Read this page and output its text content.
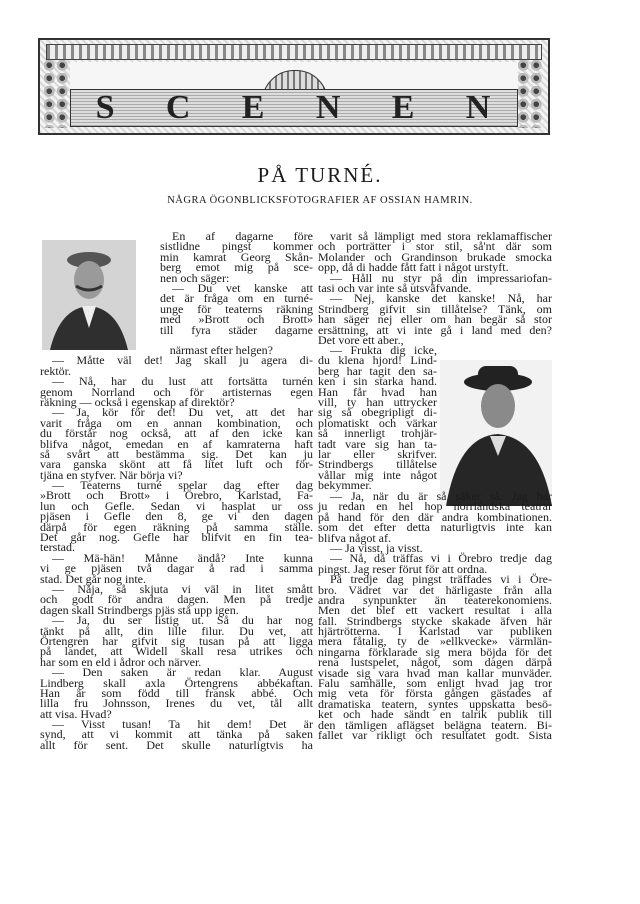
S C E N E N
PÅ TURNÉ.
NÅGRA ÖGONBLICKSFOTOGRAFIER AF OSSIAN HAMRIN.
En af dagarne före
sistlidne pingst kommer
min kamrat Georg Skån-
berg emot mig på sce-
nen och säger:
— Du vet kanske att
det är fråga om en turné-
unge för teaterns räkning
med »Brott och Brott»
till fyra städer dagarne
närmast efter helgen?
— Måtte väl det! Jag skall ju agera di-
rektör.
— Nå, har du lust att fortsätta turnén
genom Norrland och för artisternas egen
räkning — också i egenskap af direktör?
— Ja, kör för det! Du vet, att det har
varit fråga om en annan kombination, och
du förstår nog också, att af den icke kan
blifva något, emedan en af kamraterna haft
så svårt att bestämma sig. Det kan ju
vara ganska skönt att få litet luft och för-
tjäna en styfver. När börja vi?
— Teaterns turné spelar dag efter dag
»Brott och Brott» i Örebro, Karlstad, Fa-
lun och Gefle. Sedan vi hasplat ur oss
pjäsen i Gefle den 8, ge vi den dagen
därpå för egen räkning på samma ställe.
Det går nog. Gefle har blifvit en fin tea-
terstad.
— Mä-hän! Månne ändå? Inte kunna
vi ge pjäsen två dagar å rad i samma
stad. Det går nog inte.
— Nåja, så skjuta vi väl in litet smått
och godt för andra dagen. Men på tredje
dagen skall Strindbergs pjäs stå upp igen.
— Ja, du ser listig ut. Så du har nog
tänkt på allt, din lille filur. Du vet, att
Örtengren har gifvit sig tusan på att ligga
på landet, att Widell skall resa utrikes och
har som en eld i ådror och närver.
— Den saken är redan klar. August
Lindberg skall axla Örtengrens abbékaftan.
Han är som född till fransk abbé. Och
lilla fru Johnsson, Irenes du vet, tål allt
att visa. Hvad?
— Visst tusan! Ta hit dem! Det är
synd, att vi kommit att tänka på saken
allt för sent. Det skulle naturligtvis ha
varit så lämpligt med stora reklamaffischer
och porträtter i stor stil, så'nt där som
Molander och Grandinson brukade smocka
opp, då di hadde fått fatt i något urstyft.
— Håll nu styr på din impressariofan-
tasi och var inte så utsväfvande.
— Nej, kanske det kanske! Nå, har
Strindberg gifvit sin tillåtelse? Tänk, om
han säger nej eller om han begär så stor
ersättning, att vi inte gå i land med den?
Det vore ett aber.,
— Frukta dig icke,
du klena hjord! Lind-
berg har tagit den sa-
ken i sin starka hand.
Han får hvad han
vill, ty han uttrycker
sig så obegripligt di-
plomatiskt och värkar
så innerligt trohjär-
tadt vare sig han ta-
lar eller skrifver.
Strindbergs tillåtelse
vållar mig inte något
bekymmer.
— Ja, när du är så säker så. Jag har
ju redan en hel hop norrländska teatrar
på hand för den där andra kombinationen.
som det efter detta naturligtvis inte kan
blifva något af.
— Ja visst, ja visst.
— Nå, då träffas vi i Örebro tredje dag
pingst. Jag reser förut för att ordna.
På tredje dag pingst träffades vi i Öre-
bro. Vädret var det härligaste från alla
andra synpunkter än teaterekonomiens.
Men det blef ett vackert resultat i alla
fall. Strindbergs stycke skakade äfven här
hjärtrötterna. I Karlstad var publiken
mera fåtalig, ty de »ellkvecke» värmlän-
ningarna förklarade sig mera böjda för det
rena lustspelet, något, som dagen därpå
visade sig vara hvad man kallar munväder.
Falu samhälle, som enligt hvad jag tror
mig veta för första gången gästades af
dramatiska teatern, syntes uppskatta besö-
ket och hade sändt en talrik publik till
den tämligen aflägset belägna teatern. Bi-
fallet var rikligt och resultatet godt. Sista
